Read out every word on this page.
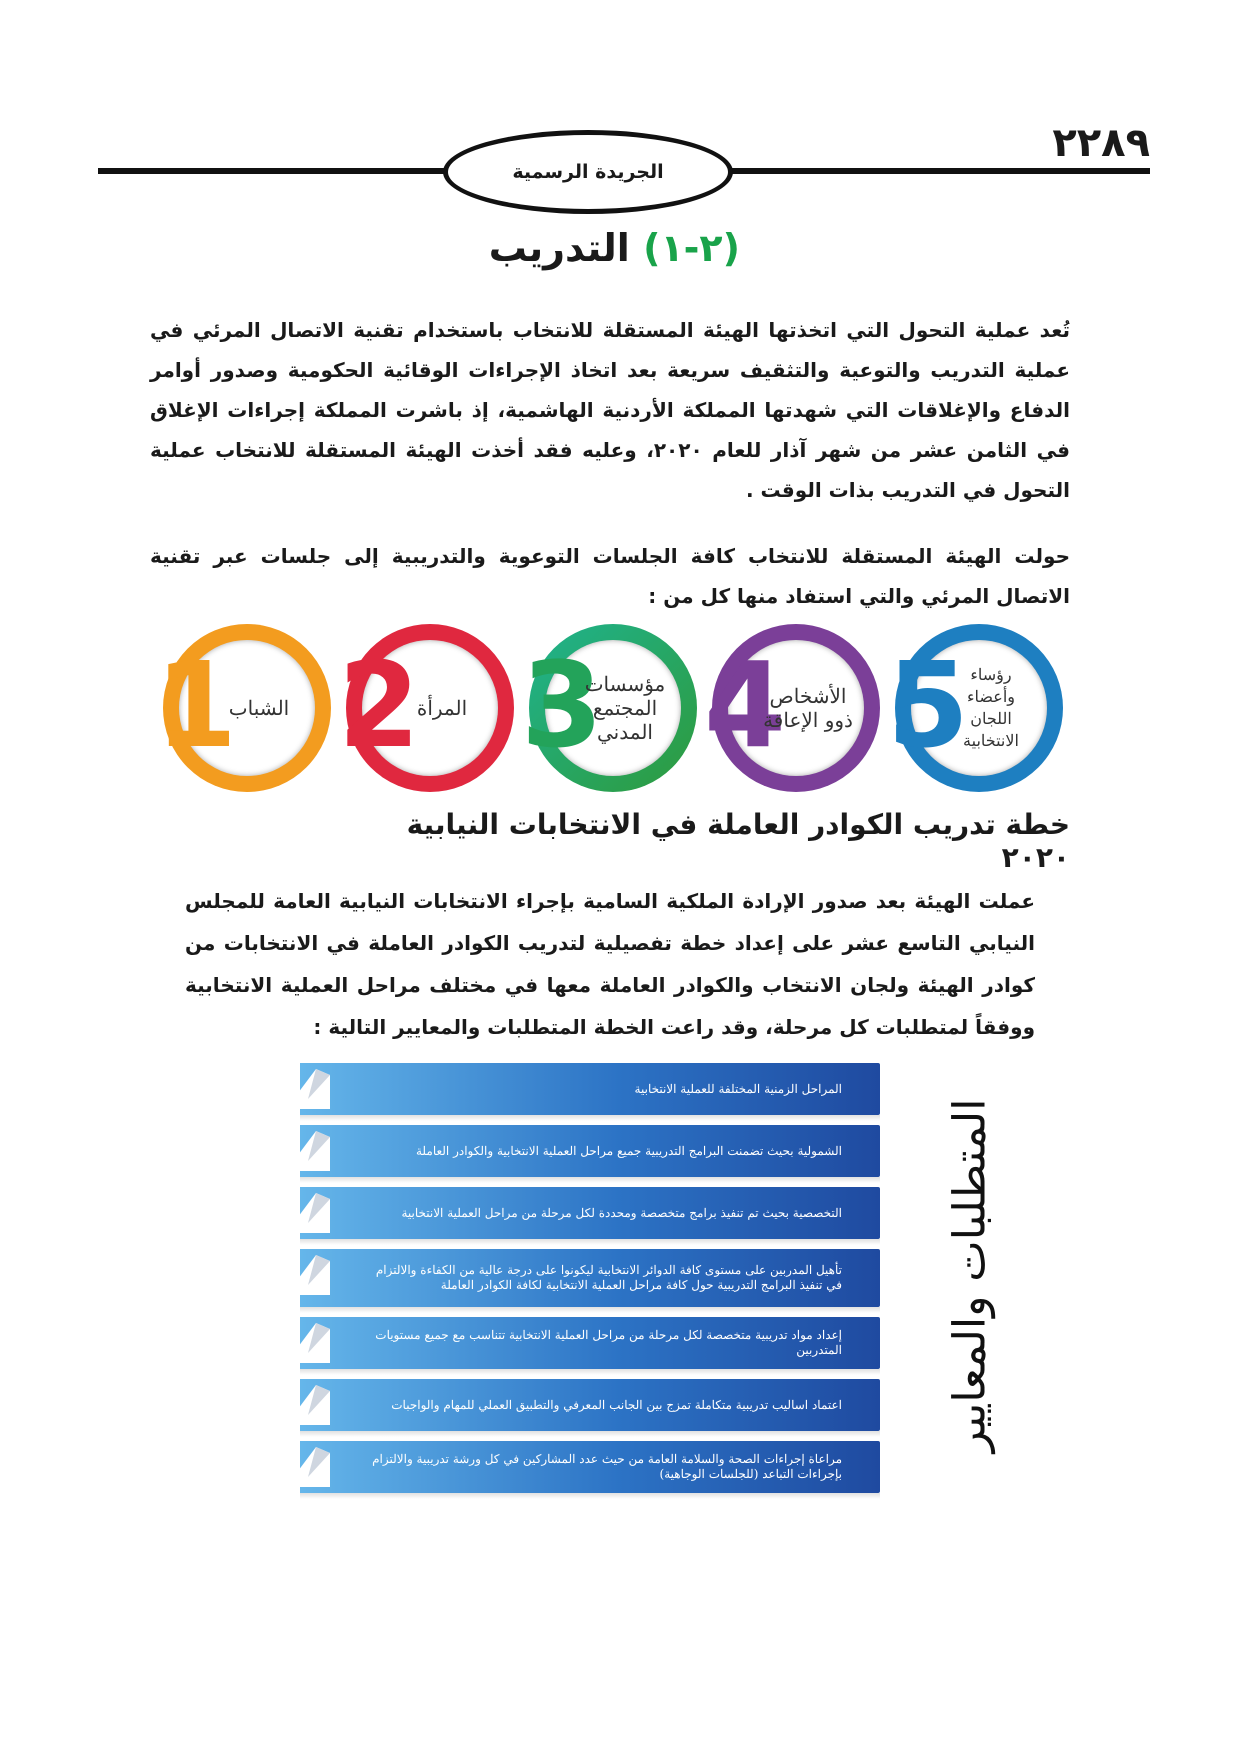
٢٢٨٩
الجريدة الرسمية
(٢-١) التدريب
تُعد عملية التحول التي اتخذتها الهيئة المستقلة للانتخاب باستخدام تقنية الاتصال المرئي في عملية التدريب والتوعية والتثقيف سريعة بعد اتخاذ الإجراءات الوقائية الحكومية وصدور أوامر الدفاع والإغلاقات التي شهدتها المملكة الأردنية الهاشمية، إذ باشرت المملكة إجراءات الإغلاق في الثامن عشر من شهر آذار للعام ٢٠٢٠، وعليه فقد أخذت الهيئة المستقلة للانتخاب عملية التحول في التدريب بذات الوقت .
حولت الهيئة المستقلة للانتخاب كافة الجلسات التوعوية والتدريبية إلى جلسات عبر تقنية الاتصال المرئي والتي استفاد منها كل من :
1
الشباب 2
المرأة 3
مؤسسات المجتمع المدني 4
الأشخاص ذوو الإعاقة 5 رؤساء وأعضاء اللجان الانتخابية
خطة تدريب الكوادر العاملة في الانتخابات النيابية ٢٠٢٠
عملت الهيئة بعد صدور الإرادة الملكية السامية بإجراء الانتخابات النيابية العامة للمجلس النيابي التاسع عشر على إعداد خطة تفصيلية لتدريب الكوادر العاملة في الانتخابات من كوادر الهيئة ولجان الانتخاب والكوادر العاملة معها في مختلف مراحل العملية الانتخابية ووفقاً لمتطلبات كل مرحلة، وقد راعت الخطة المتطلبات والمعايير التالية :
المراحل الزمنية المختلفة للعملية الانتخابية
الشمولية بحيث تضمنت البرامج التدريبية جميع مراحل العملية الانتخابية والكوادر العاملة
التخصصية بحيث تم تنفيذ برامج متخصصة ومحددة لكل مرحلة من مراحل العملية الانتخابية
تأهيل المدربين على مستوى كافة الدوائر الانتخابية ليكونوا على درجة عالية من الكفاءة والالتزام في تنفيذ البرامج التدريبية حول كافة مراحل العملية الانتخابية لكافة الكوادر العاملة
إعداد مواد تدريبية متخصصة لكل مرحلة من مراحل العملية الانتخابية تتناسب مع جميع مستويات المتدربين
اعتماد اساليب تدريبية متكاملة تمزج بين الجانب المعرفي والتطبيق العملي للمهام والواجبات
مراعاة إجراءات الصحة والسلامة العامة من حيث عدد المشاركين في كل ورشة تدريبية والالتزام بإجراءات التباعد (للجلسات الوجاهية)
المتطلبات والمعايير
